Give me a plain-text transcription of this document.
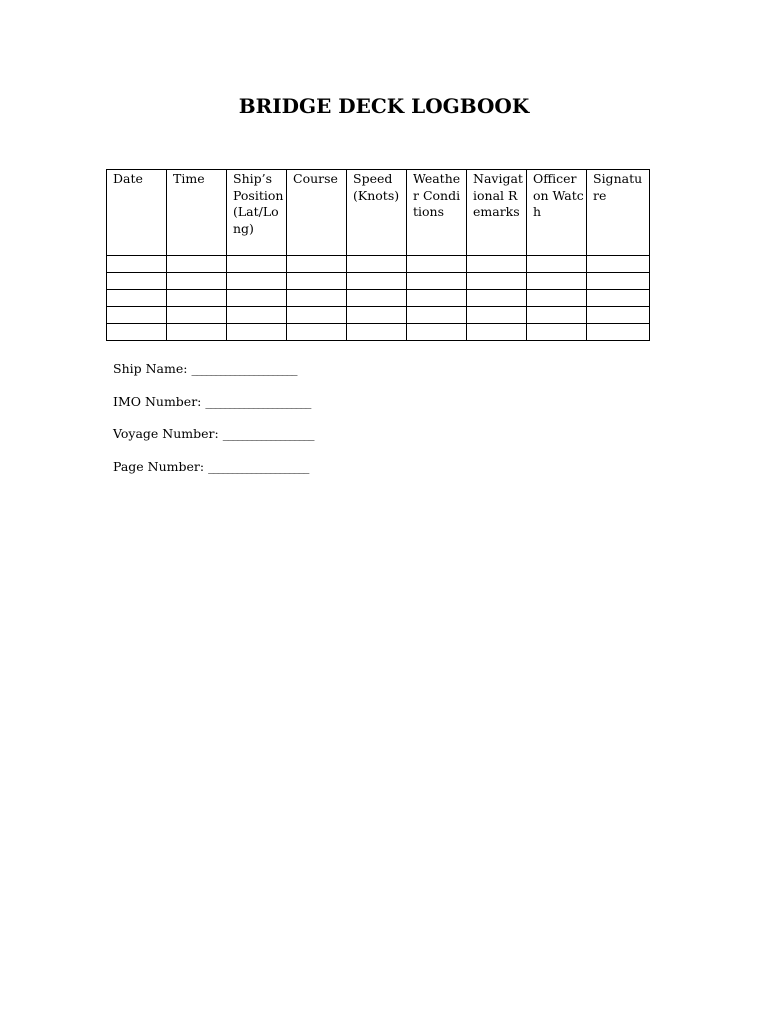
BRIDGE DECK LOGBOOK
Date	Time	Ship’s Position (Lat/Long)	Course	Speed (Knots)	Weather Conditions	Navigational Remarks	Officer on Watch	Signature

Ship Name: ______________________
IMO Number: ______________________
Voyage Number: ___________________
Page Number: _____________________
